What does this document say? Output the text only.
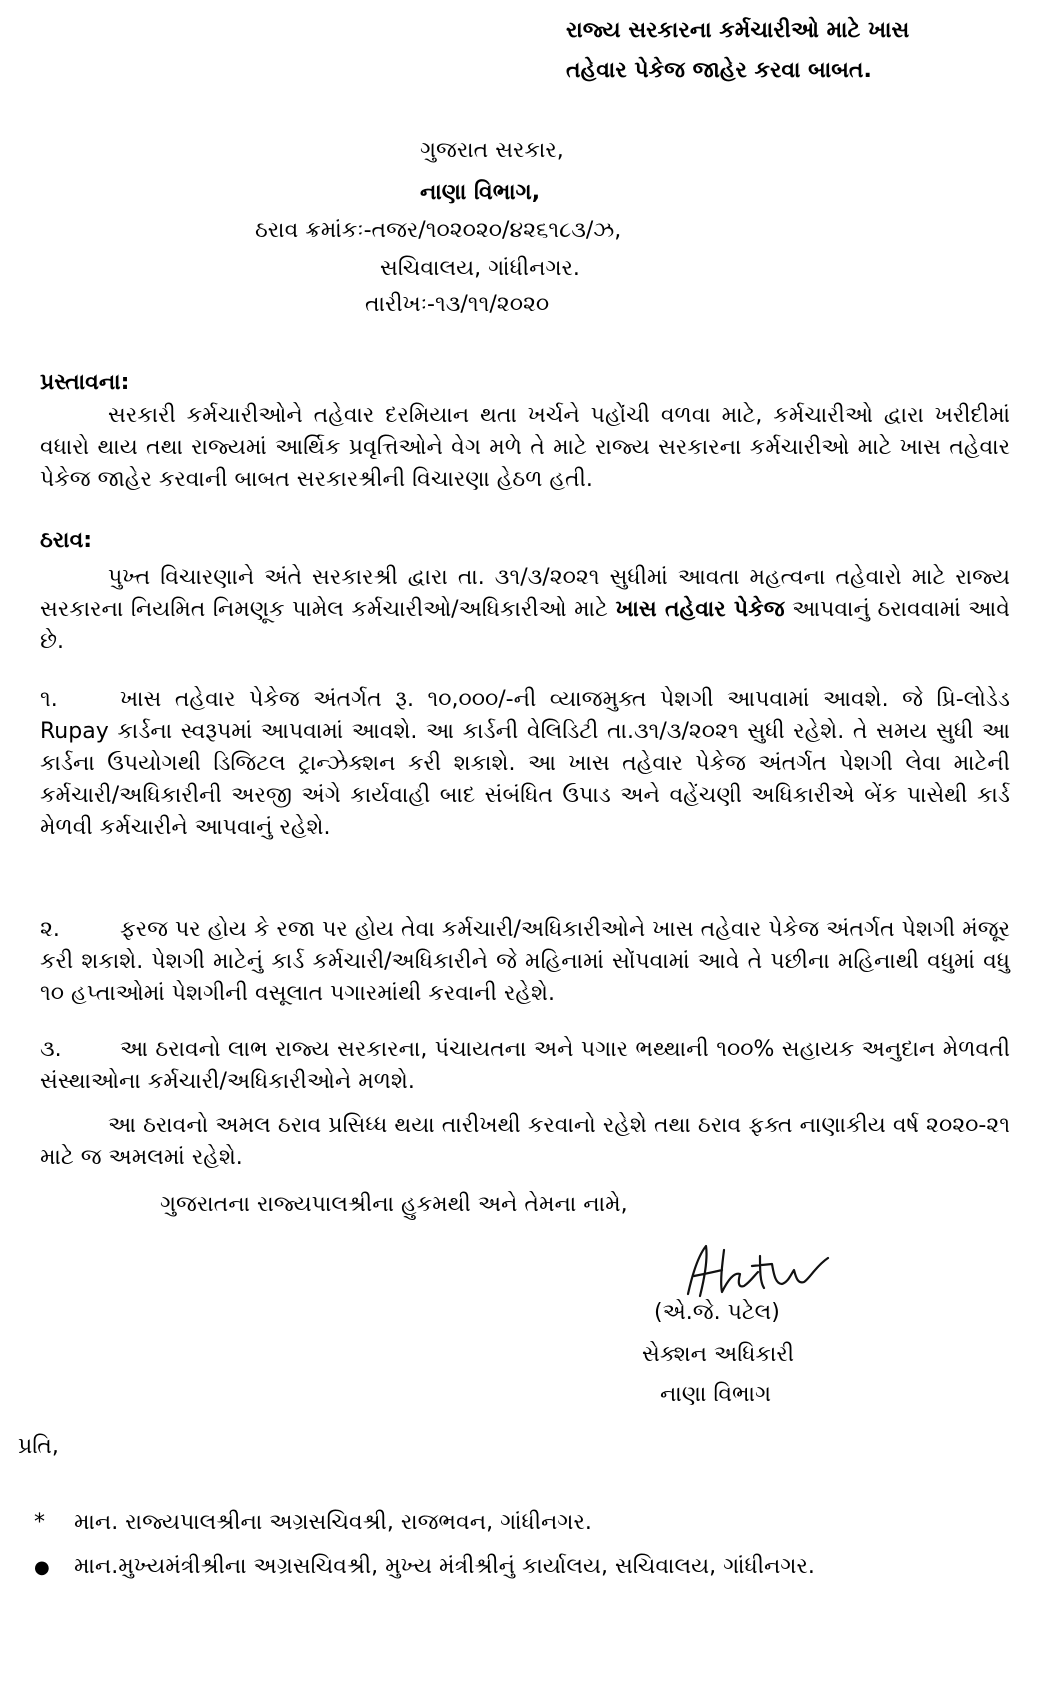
રાજ્ય સરકારના કર્મચારીઓ માટે ખાસ
તહેવાર પેકેજ જાહેર કરવા બાબત.
ગુજરાત સરકાર,
નાણા વિભાગ,
ઠરાવ ક્રમાંકઃ-તજર/૧૦૨૦૨૦/૪૨૬૧૮૩/ઝ,
સચિવાલય, ગાંધીનગર.
તારીખઃ-૧૩/૧૧/૨૦૨૦
પ્રસ્તાવના:
સરકારી કર્મચારીઓને તહેવાર દરમિયાન થતા ખર્ચને પહોંચી વળવા માટે, કર્મચારીઓ દ્વારા ખરીદીમાં વધારો થાય તથા રાજ્યમાં આર્થિક પ્રવૃત્તિઓને વેગ મળે તે માટે રાજ્ય સરકારના કર્મચારીઓ માટે ખાસ તહેવાર પેકેજ જાહેર કરવાની બાબત સરકારશ્રીની વિચારણા હેઠળ હતી.
ઠરાવ:
પુખ્ત વિચારણાને અંતે સરકારશ્રી દ્વારા તા. ૩૧/૩/૨૦૨૧ સુધીમાં આવતા મહત્વના તહેવારો માટે રાજ્ય સરકારના નિયમિત નિમણૂક પામેલ કર્મચારીઓ/અધિકારીઓ માટે ખાસ તહેવાર પેકેજ આપવાનું ઠરાવવામાં આવે છે.
૧.	ખાસ તહેવાર પેકેજ અંતર્ગત રૂ. ૧૦,૦૦૦/-ની વ્યાજમુક્ત પેશગી આપવામાં આવશે. જે પ્રિ-લોડેડ Rupay કાર્ડના સ્વરૂપમાં આપવામાં આવશે. આ કાર્ડની વેલિડિટી તા.૩૧/૩/૨૦૨૧ સુધી રહેશે. તે સમય સુધી આ કાર્ડના ઉપયોગથી ડિજિટલ ટ્રાન્ઝેક્શન કરી શકાશે. આ ખાસ તહેવાર પેકેજ અંતર્ગત પેશગી લેવા માટેની કર્મચારી/અધિકારીની અરજી અંગે કાર્યવાહી બાદ સંબંધિત ઉપાડ અને વહેંચણી અધિકારીએ બેંક પાસેથી કાર્ડ મેળવી કર્મચારીને આપવાનું રહેશે.
૨.	ફરજ પર હોય કે રજા પર હોય તેવા કર્મચારી/અધિકારીઓને ખાસ તહેવાર પેકેજ અંતર્ગત પેશગી મંજૂર કરી શકાશે. પેશગી માટેનું કાર્ડ કર્મચારી/અધિકારીને જે મહિનામાં સોંપવામાં આવે તે પછીના મહિનાથી વધુમાં વધુ ૧૦ હપ્તાઓમાં પેશગીની વસૂલાત પગારમાંથી કરવાની રહેશે.
૩.	આ ઠરાવનો લાભ રાજ્ય સરકારના, પંચાયતના અને પગાર ભથ્થાની ૧૦૦% સહાયક અનુદાન મેળવતી સંસ્થાઓના કર્મચારી/અધિકારીઓને મળશે.
આ ઠરાવનો અમલ ઠરાવ પ્રસિધ્ધ થયા તારીખથી કરવાનો રહેશે તથા ઠરાવ ફક્ત નાણાકીય વર્ષ ૨૦૨૦-૨૧ માટે જ અમલમાં રહેશે.
ગુજરાતના રાજ્યપાલશ્રીના હુકમથી અને તેમના નામે,
(એ.જે. પટેલ)
સેક્શન અધિકારી
નાણા વિભાગ
પ્રતિ,
* માન. રાજ્યપાલશ્રીના અગ્રસચિવશ્રી, રાજભવન, ગાંધીનગર.
● માન.મુખ્યમંત્રીશ્રીના અગ્રસચિવશ્રી, મુખ્ય મંત્રીશ્રીનું કાર્યાલય, સચિવાલય, ગાંધીનગર.
